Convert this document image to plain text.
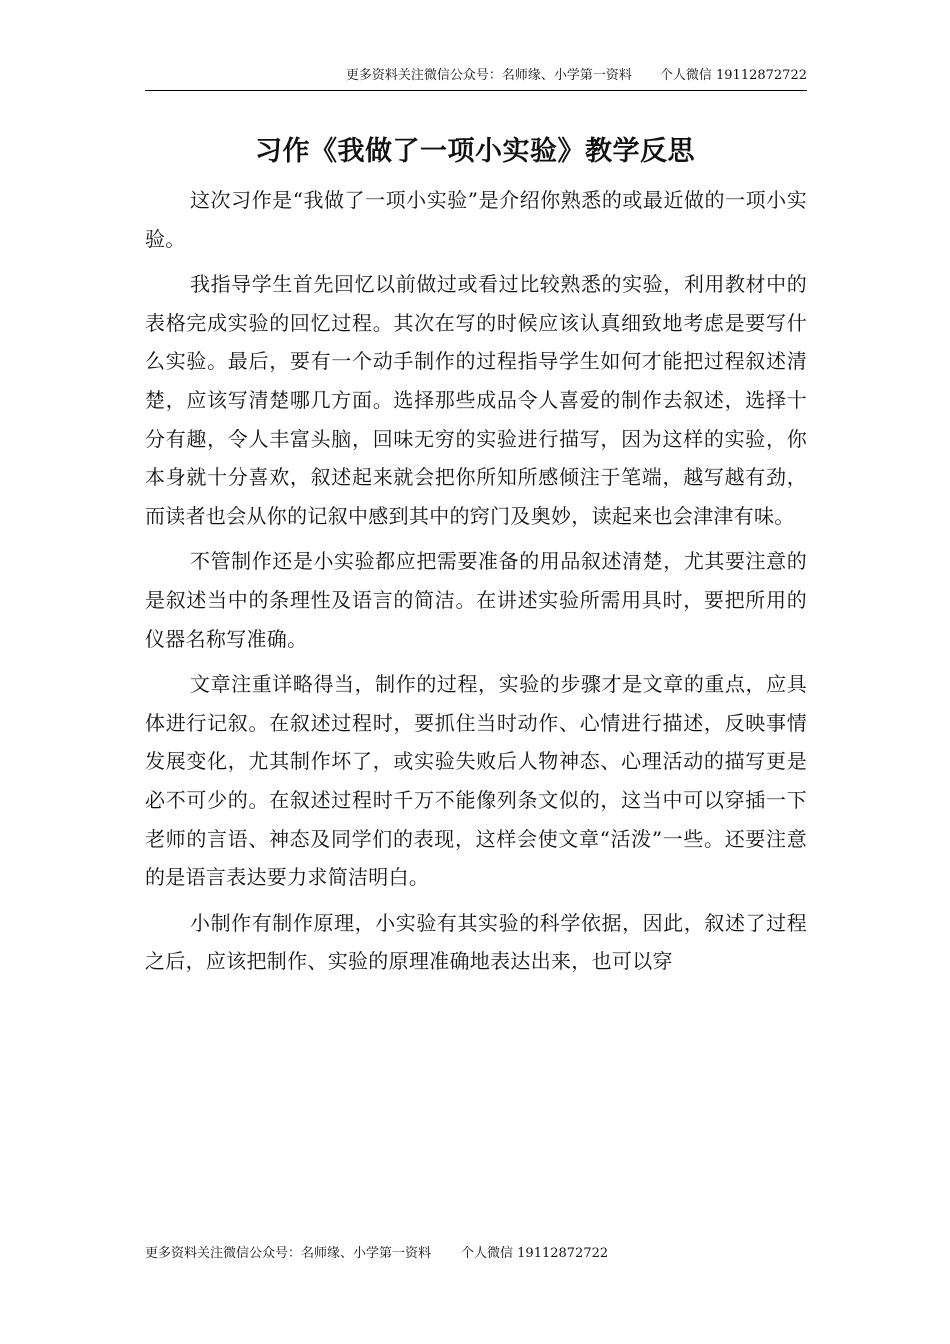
更多资料关注微信公众号：名师缘、小学第一资料 个人微信 19112872722
习作《我做了一项小实验》教学反思

这次习作是“我做了一项小实验”是介绍你熟悉的或最近做的一项小实验。

我指导学生首先回忆以前做过或看过比较熟悉的实验，利用教材中的表格完成实验的回忆过程。其次在写的时候应该认真细致地考虑是要写什么实验。最后，要有一个动手制作的过程指导学生如何才能把过程叙述清楚，应该写清楚哪几方面。选择那些成品令人喜爱的制作去叙述，选择十分有趣，令人丰富头脑，回味无穷的实验进行描写，因为这样的实验，你本身就十分喜欢，叙述起来就会把你所知所感倾注于笔端，越写越有劲，而读者也会从你的记叙中感到其中的窍门及奥妙，读起来也会津津有味。

不管制作还是小实验都应把需要准备的用品叙述清楚，尤其要注意的是叙述当中的条理性及语言的简洁。在讲述实验所需用具时，要把所用的仪器名称写准确。

文章注重详略得当，制作的过程，实验的步骤才是文章的重点，应具体进行记叙。在叙述过程时，要抓住当时动作、心情进行描述，反映事情发展变化，尤其制作坏了，或实验失败后人物神态、心理活动的描写更是必不可少的。在叙述过程时千万不能像列条文似的，这当中可以穿插一下老师的言语、神态及同学们的表现，这样会使文章“活泼”一些。还要注意的是语言表达要力求简洁明白。

小制作有制作原理，小实验有其实验的科学依据，因此，叙述了过程之后，应该把制作、实验的原理准确地表达出来，也可以穿

更多资料关注微信公众号：名师缘、小学第一资料 个人微信 19112872722
